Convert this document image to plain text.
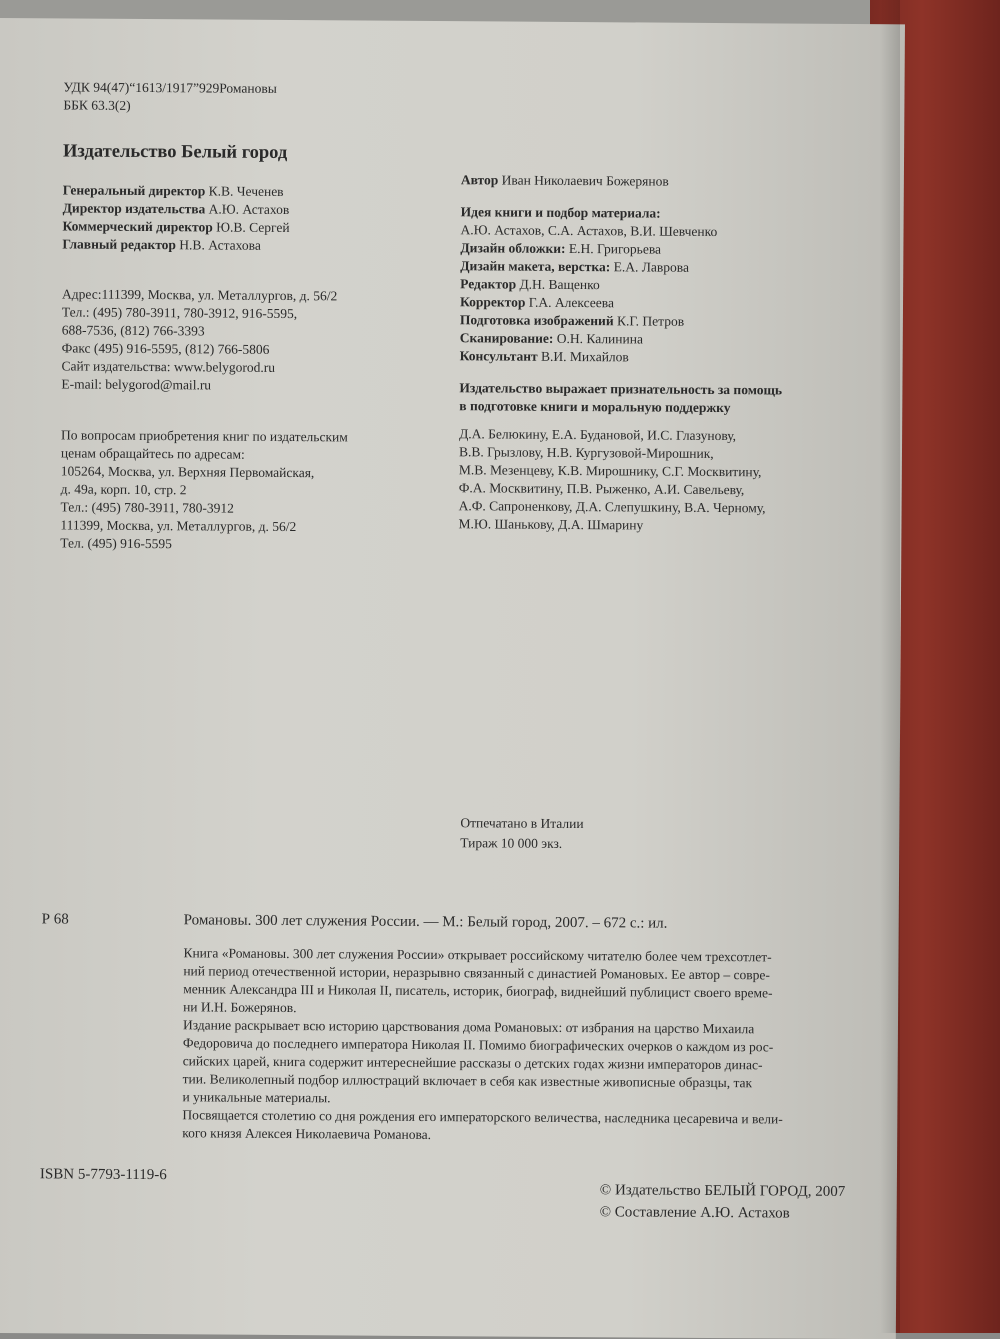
УДК 94(47)“1613/1917”929Романовы
ББК 63.3(2)
Издательство Белый город
Генеральный директор К.В. Чеченев
Директор издательства А.Ю. Астахов
Коммерческий директор Ю.В. Сергей
Главный редактор Н.В. Астахова
Адрес:111399, Москва, ул. Металлургов, д. 56/2
Тел.: (495) 780-3911, 780-3912, 916-5595,
688-7536, (812) 766-3393
Факс (495) 916-5595, (812) 766-5806
Сайт издательства: www.belygorod.ru
E-mail: belygorod@mail.ru
По вопросам приобретения книг по издательским
ценам обращайтесь по адресам:
105264, Москва, ул. Верхняя Первомайская,
д. 49а, корп. 10, стр. 2
Тел.: (495) 780-3911, 780-3912
111399, Москва, ул. Металлургов, д. 56/2
Тел. (495) 916-5595
Автор Иван Николаевич Божерянов
Идея книги и подбор материала:
А.Ю. Астахов, С.А. Астахов, В.И. Шевченко
Дизайн обложки: Е.Н. Григорьева
Дизайн макета, верстка: Е.А. Лаврова
Редактор Д.Н. Ващенко
Корректор Г.А. Алексеева
Подготовка изображений К.Г. Петров
Сканирование: О.Н. Калинина
Консультант В.И. Михайлов
Издательство выражает признательность за помощь
в подготовке книги и моральную поддержку
Д.А. Белюкину, Е.А. Будановой, И.С. Глазунову,
В.В. Грызлову, Н.В. Кургузовой-Мирошник,
М.В. Мезенцеву, К.В. Мирошнику, С.Г. Москвитину,
Ф.А. Москвитину, П.В. Рыженко, А.И. Савельеву,
А.Ф. Сапроненкову, Д.А. Слепушкину, В.А. Черному,
М.Ю. Шанькову, Д.А. Шмарину
Отпечатано в Италии
Тираж 10 000 экз.
Р 68	Романовы. 300 лет служения России. — М.: Белый город, 2007. – 672 с.: ил.
Книга «Романовы. 300 лет служения России» открывает российскому читателю более чем трехсотлет-
ний период отечественной истории, неразрывно связанный с династией Романовых. Ее автор – совре-
менник Александра III и Николая II, писатель, историк, биограф, виднейший публицист своего време-
ни И.Н. Божерянов.
Издание раскрывает всю историю царствования дома Романовых: от избрания на царство Михаила
Федоровича до последнего императора Николая II. Помимо биографических очерков о каждом из рос-
сийских царей, книга содержит интереснейшие рассказы о детских годах жизни императоров динас-
тии. Великолепный подбор иллюстраций включает в себя как известные живописные образцы, так
и уникальные материалы.
Посвящается столетию со дня рождения его императорского величества, наследника цесаревича и вели-
кого князя Алексея Николаевича Романова.
ISBN 5-7793-1119-6
© Издательство БЕЛЫЙ ГОРОД, 2007
© Составление А.Ю. Астахов
